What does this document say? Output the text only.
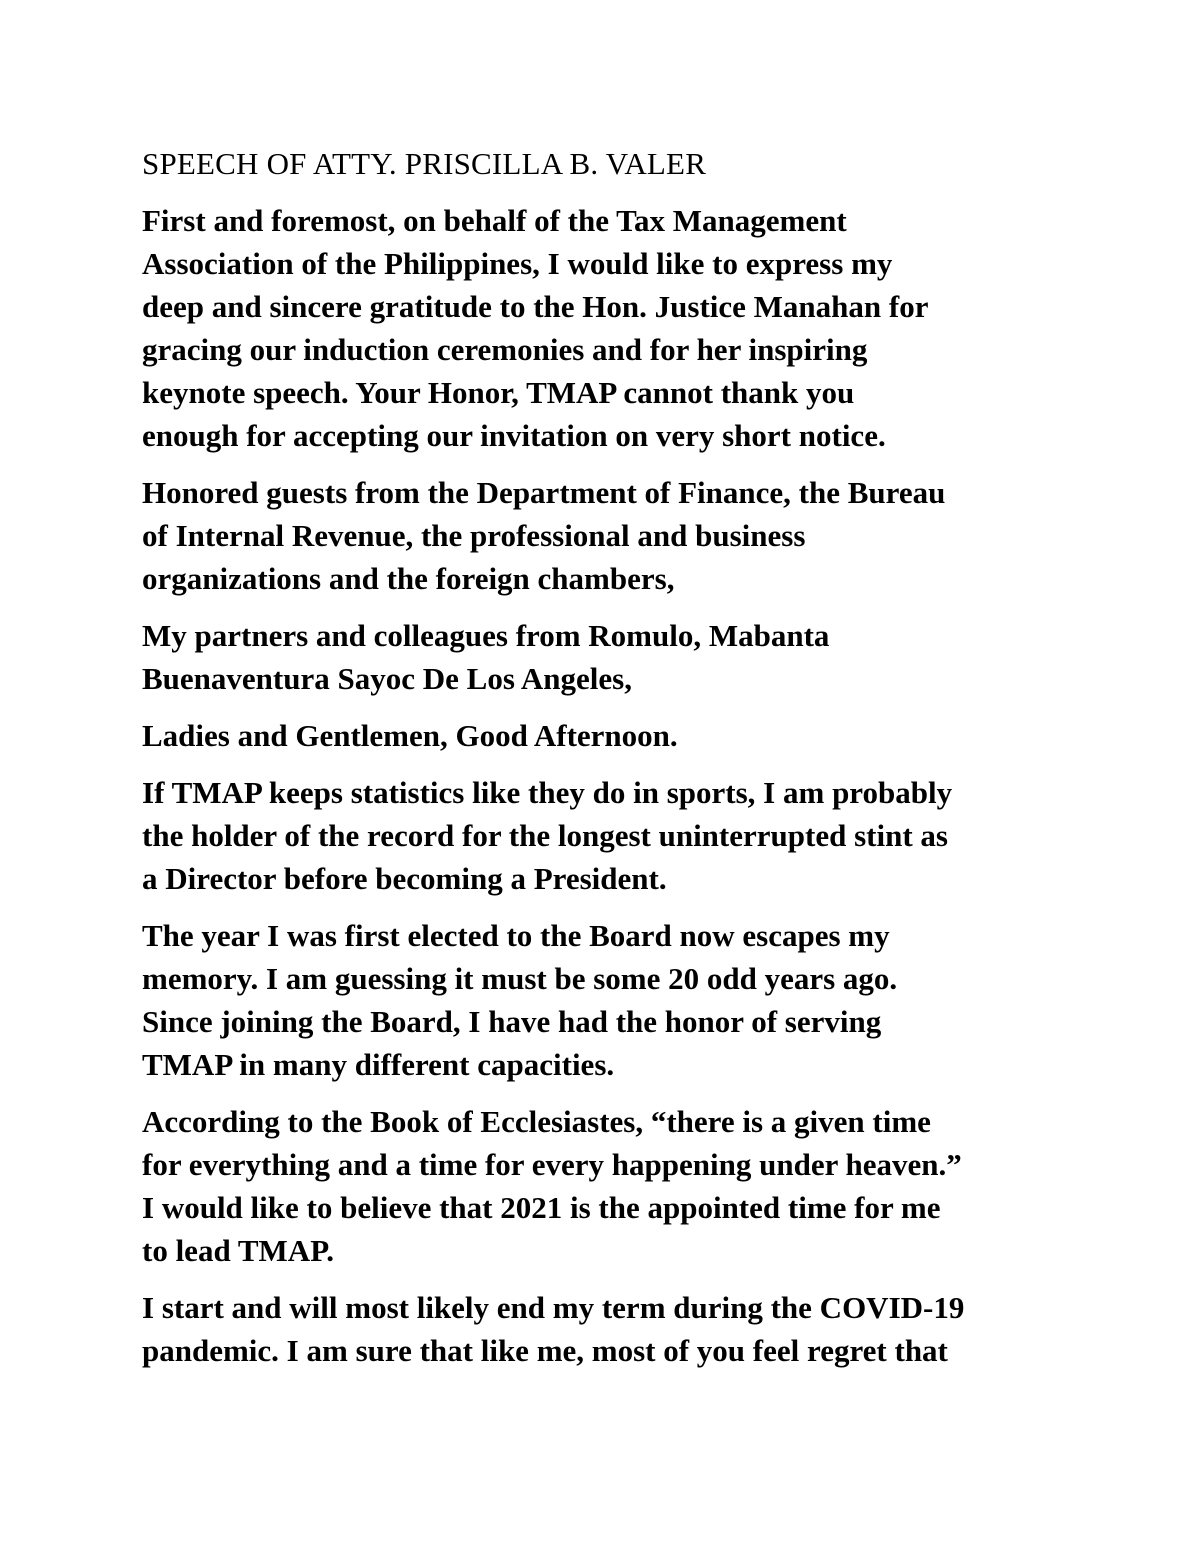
SPEECH OF ATTY. PRISCILLA B. VALER

First and foremost, on behalf of the Tax Management
Association of the Philippines, I would like to express my
deep and sincere gratitude to the Hon. Justice Manahan for
gracing our induction ceremonies and for her inspiring
keynote speech. Your Honor, TMAP cannot thank you
enough for accepting our invitation on very short notice.

Honored guests from the Department of Finance, the Bureau
of Internal Revenue, the professional and business
organizations and the foreign chambers,

My partners and colleagues from Romulo, Mabanta
Buenaventura Sayoc De Los Angeles,

Ladies and Gentlemen, Good Afternoon.

If TMAP keeps statistics like they do in sports, I am probably
the holder of the record for the longest uninterrupted stint as
a Director before becoming a President.

The year I was first elected to the Board now escapes my
memory. I am guessing it must be some 20 odd years ago.
Since joining the Board, I have had the honor of serving
TMAP in many different capacities.

According to the Book of Ecclesiastes, “there is a given time
for everything and a time for every happening under heaven.”
I would like to believe that 2021 is the appointed time for me
to lead TMAP.

I start and will most likely end my term during the COVID-19
pandemic. I am sure that like me, most of you feel regret that
